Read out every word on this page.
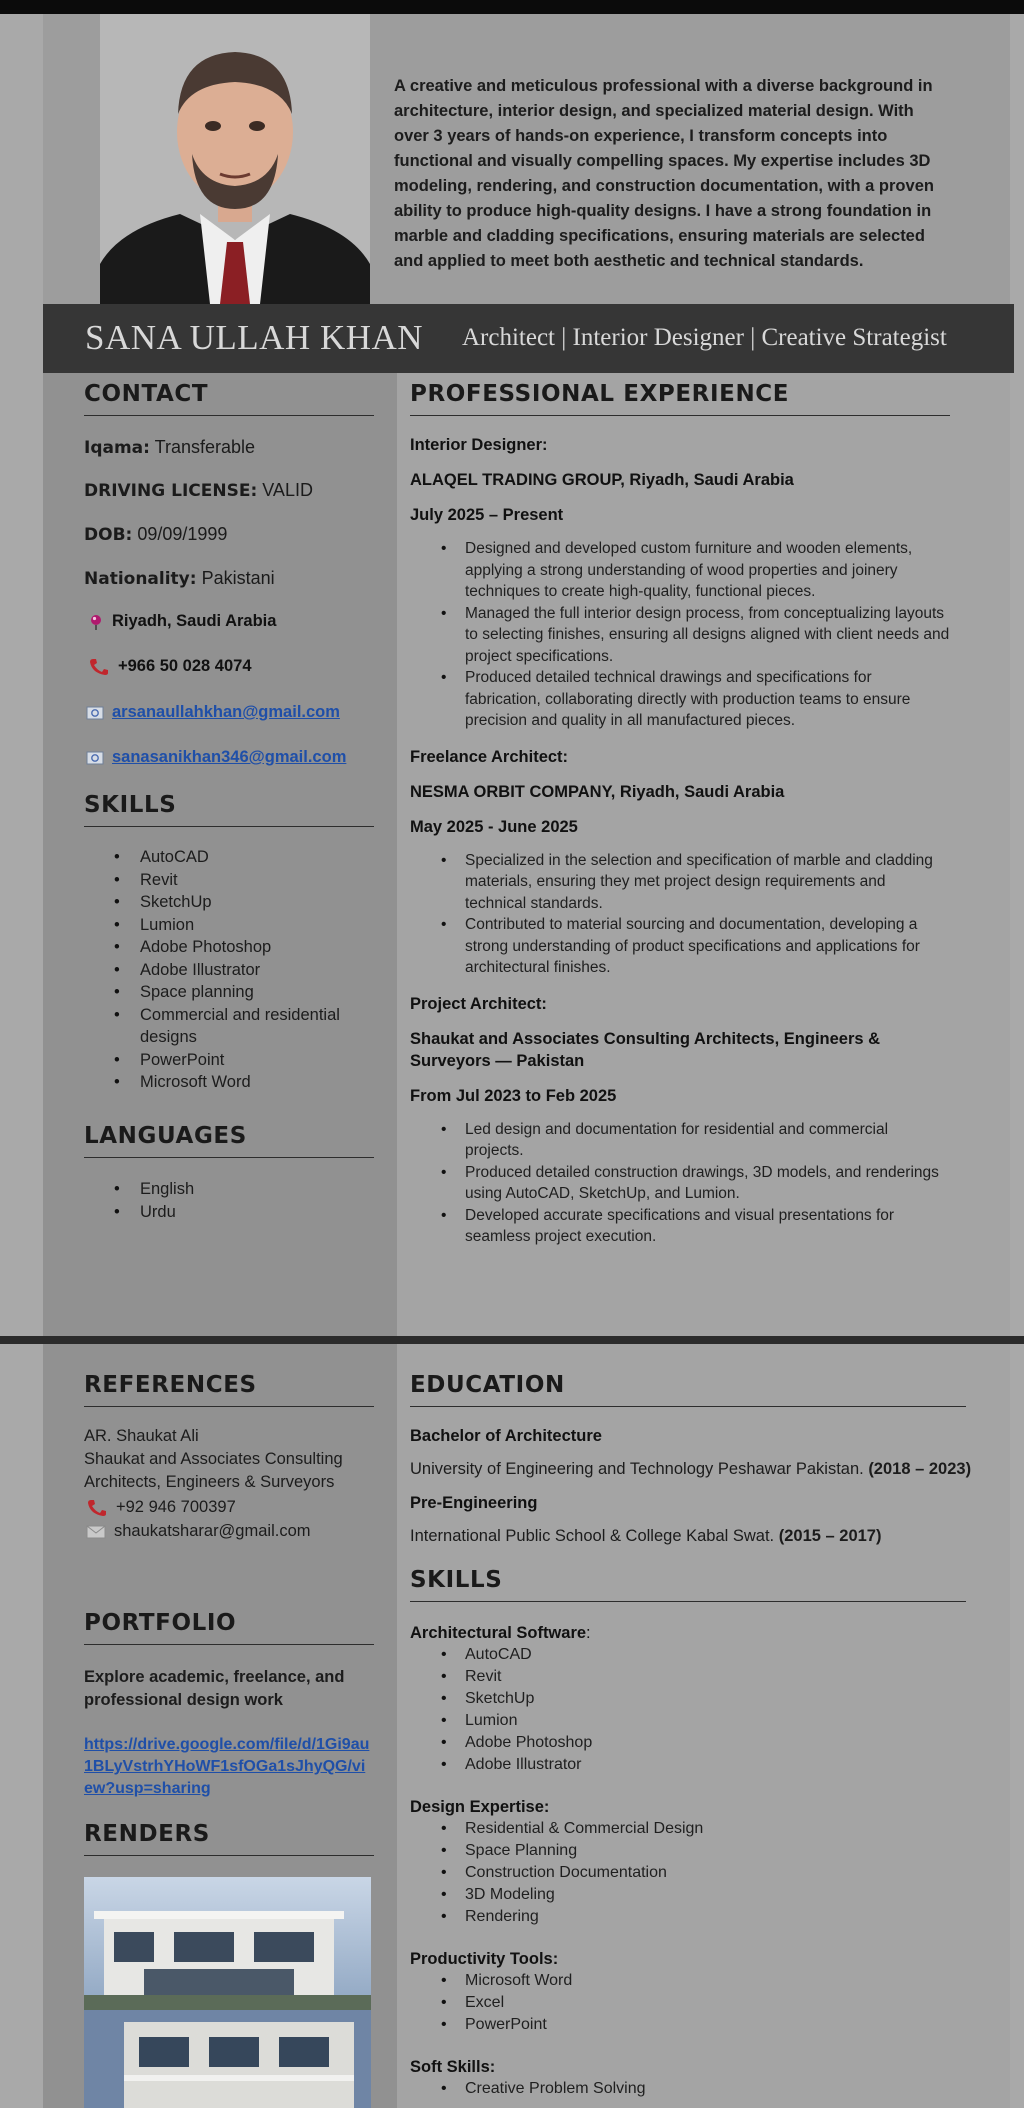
A creative and meticulous professional with a diverse background in architecture, interior design, and specialized material design. With over 3 years of hands-on experience, I transform concepts into functional and visually compelling spaces. My expertise includes 3D modeling, rendering, and construction documentation, with a proven ability to produce high-quality designs. I have a strong foundation in marble and cladding specifications, ensuring materials are selected and applied to meet both aesthetic and technical standards.

SANA ULLAH KHAN Architect | Interior Designer | Creative Strategist
CONTACT
Iqama: Transferable
DRIVING LICENSE: VALID
DOB: 09/09/1999
Nationality: Pakistani
Riyadh, Saudi Arabia
+966 50 028 4074
arsanaullahkhan@gmail.com
sanasanikhan346@gmail.com
SKILLS
• AutoCAD
• Revit
• SketchUp
• Lumion
• Adobe Photoshop
• Adobe Illustrator
• Space planning
• Commercial and residential designs
• PowerPoint
• Microsoft Word
LANGUAGES
• English
• Urdu
PROFESSIONAL EXPERIENCE
Interior Designer:
ALAQEL TRADING GROUP, Riyadh, Saudi Arabia
July 2025 – Present
• Designed and developed custom furniture and wooden elements, applying a strong understanding of wood properties and joinery techniques to create high-quality, functional pieces.
• Managed the full interior design process, from conceptualizing layouts to selecting finishes, ensuring all designs aligned with client needs and project specifications.
• Produced detailed technical drawings and specifications for fabrication, collaborating directly with production teams to ensure precision and quality in all manufactured pieces.
Freelance Architect:
NESMA ORBIT COMPANY, Riyadh, Saudi Arabia
May 2025 - June 2025
• Specialized in the selection and specification of marble and cladding materials, ensuring they met project design requirements and technical standards.
• Contributed to material sourcing and documentation, developing a strong understanding of product specifications and applications for architectural finishes.
Project Architect:
Shaukat and Associates Consulting Architects, Engineers & Surveyors — Pakistan
From Jul 2023 to Feb 2025
• Led design and documentation for residential and commercial projects.
• Produced detailed construction drawings, 3D models, and renderings using AutoCAD, SketchUp, and Lumion.
• Developed accurate specifications and visual presentations for seamless project execution.
REFERENCES
AR. Shaukat Ali
Shaukat and Associates Consulting Architects, Engineers & Surveyors
+92 946 700397
shaukatsharar@gmail.com
PORTFOLIO
Explore academic, freelance, and professional design work
https://drive.google.com/file/d/1Gi9au1BLyVstrhYHoWF1sfOGa1sJhyQG/view?usp=sharing
RENDERS
EDUCATION
Bachelor of Architecture
University of Engineering and Technology Peshawar Pakistan. (2018 – 2023)
Pre-Engineering
International Public School & College Kabal Swat. (2015 – 2017)
SKILLS
Architectural Software:
• AutoCAD
• Revit
• SketchUp
• Lumion
• Adobe Photoshop
• Adobe Illustrator
Design Expertise:
• Residential & Commercial Design
• Space Planning
• Construction Documentation
• 3D Modeling
• Rendering
Productivity Tools:
• Microsoft Word
• Excel
• PowerPoint
Soft Skills:
• Creative Problem Solving
